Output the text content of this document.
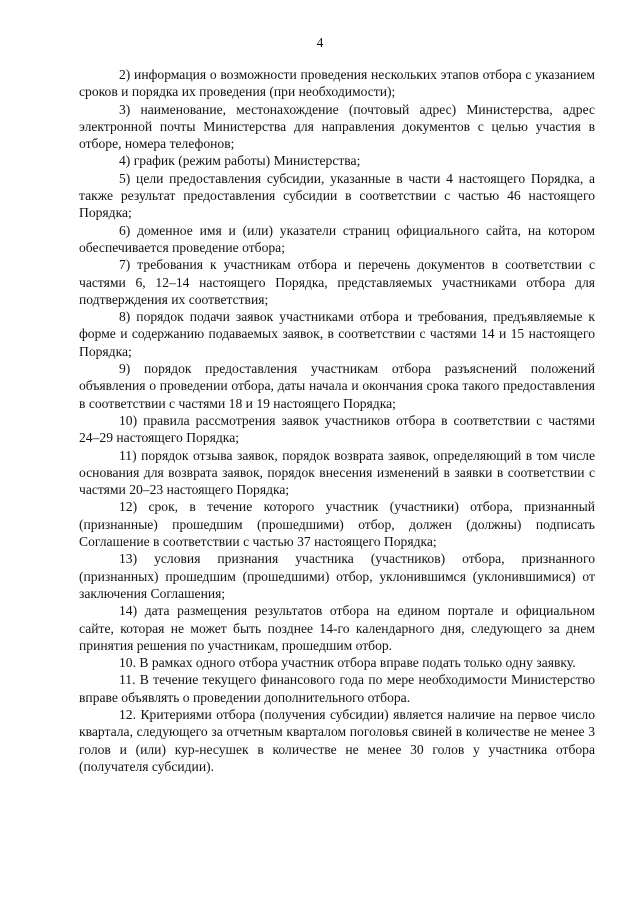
4

2) информация о возможности проведения нескольких этапов отбора с указанием сроков и порядка их проведения (при необходимости);

3) наименование, местонахождение (почтовый адрес) Министерства, адрес электронной почты Министерства для направления документов с целью участия в отборе, номера телефонов;

4) график (режим работы) Министерства;

5) цели предоставления субсидии, указанные в части 4 настоящего Порядка, а также результат предоставления субсидии в соответствии с частью 46 настоящего Порядка;

6) доменное имя и (или) указатели страниц официального сайта, на котором обеспечивается проведение отбора;

7) требования к участникам отбора и перечень документов в соответствии с частями 6, 12–14 настоящего Порядка, представляемых участниками отбора для подтверждения их соответствия;

8) порядок подачи заявок участниками отбора и требования, предъявляемые к форме и содержанию подаваемых заявок, в соответствии с частями 14 и 15 настоящего Порядка;

9) порядок предоставления участникам отбора разъяснений положений объявления о проведении отбора, даты начала и окончания срока такого предоставления в соответствии с частями 18 и 19 настоящего Порядка;

10) правила рассмотрения заявок участников отбора в соответствии с частями 24–29 настоящего Порядка;

11) порядок отзыва заявок, порядок возврата заявок, определяющий в том числе основания для возврата заявок, порядок внесения изменений в заявки в соответствии с частями 20–23 настоящего Порядка;

12) срок, в течение которого участник (участники) отбора, признанный (признанные) прошедшим (прошедшими) отбор, должен (должны) подписать Соглашение в соответствии с частью 37 настоящего Порядка;

13) условия признания участника (участников) отбора, признанного (признанных) прошедшим (прошедшими) отбор, уклонившимся (уклонившимися) от заключения Соглашения;

14) дата размещения результатов отбора на едином портале и официальном сайте, которая не может быть позднее 14-го календарного дня, следующего за днем принятия решения по участникам, прошедшим отбор.

10. В рамках одного отбора участник отбора вправе подать только одну заявку.

11. В течение текущего финансового года по мере необходимости Министерство вправе объявлять о проведении дополнительного отбора.

12. Критериями отбора (получения субсидии) является наличие на первое число квартала, следующего за отчетным кварталом поголовья свиней в количестве не менее 3 голов и (или) кур-несушек в количестве не менее 30 голов у участника отбора (получателя субсидии).
